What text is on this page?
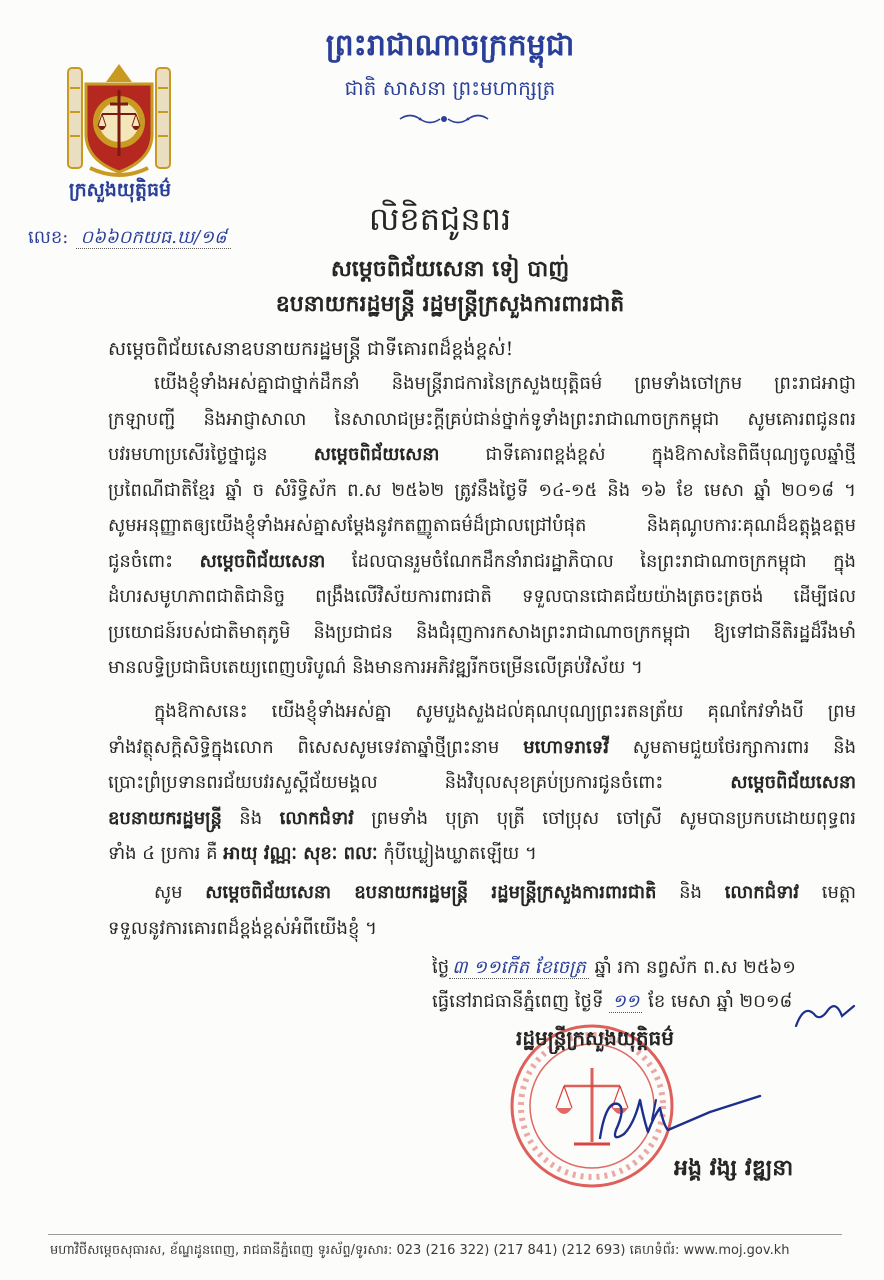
ព្រះរាជាណាចក្រកម្ពុជា
ជាតិ សាសនា ព្រះមហាក្សត្រ
ក្រសួងយុត្តិធម៌
លេខ: ០៦៦០កយធ.ឃ/១៨	លិខិតជូនពរ
សម្តេចពិជ័យសេនា ទៀ បាញ់
ឧបនាយករដ្ឋមន្ត្រី រដ្ឋមន្ត្រីក្រសួងការពារជាតិ
សម្តេចពិជ័យសេនាឧបនាយករដ្ឋមន្ត្រី ជាទីគោរពដ៏ខ្ពង់ខ្ពស់!
យើងខ្ញុំទាំងអស់គ្នាជាថ្នាក់ដឹកនាំ និងមន្ត្រីរាជការនៃក្រសួងយុត្តិធម៌ ព្រមទាំងចៅក្រម ព្រះរាជអាជ្ញា
ក្រឡាបញ្ជី និងអាជ្ញាសាលា នៃសាលាជម្រះក្តីគ្រប់ជាន់ថ្នាក់ទូទាំងព្រះរាជាណាចក្រកម្ពុជា សូមគោរពជូនពរ
បវរមហាប្រសើរថ្ងៃថ្នាជូន សម្តេចពិជ័យសេនា ជាទីគោរពខ្ពង់ខ្ពស់ ក្នុងឱកាសនៃពិធីបុណ្យចូលឆ្នាំថ្មី
ប្រពៃណីជាតិខ្មែរ ឆ្នាំ ច សំរិទ្ធិស័ក ព.ស ២៥៦២ ត្រូវនឹងថ្ងៃទី ១៤-១៥ និង ១៦ ខែ មេសា ឆ្នាំ ២០១៨ ។
សូមអនុញ្ញាតឲ្យយើងខ្ញុំទាំងអស់គ្នាសម្តែងនូវកតញ្ញូតាធម៌ដ៏ជ្រាលជ្រៅបំផុត និងគុណូបការៈគុណដ៏ឧត្តុង្គឧត្តម
ជូនចំពោះ សម្តេចពិជ័យសេនា ដែលបានរួមចំណែកដឹកនាំរាជរដ្ឋាភិបាល នៃព្រះរាជាណាចក្រកម្ពុជា ក្នុង
ដំហរសមូហភាពជាតិជានិច្ច ពង្រឹងលើវិស័យការពារជាតិ ទទួលបានជោគជ័យយ៉ាងត្រចះត្រចង់ ដើម្បីផល
ប្រយោជន៍របស់ជាតិមាតុភូមិ និងប្រជាជន និងជំរុញការកសាងព្រះរាជាណាចក្រកម្ពុជា ឱ្យទៅជានីតិរដ្ឋដ៏រឹងមាំ
មានលទ្ធិប្រជាធិបតេយ្យពេញបរិបូណ៌ និងមានការអភិវឌ្ឍរីកចម្រើនលើគ្រប់វិស័យ ។
ក្នុងឱកាសនេះ យើងខ្ញុំទាំងអស់គ្នា សូមបួងសួងដល់គុណបុណ្យព្រះរតនត្រ័យ គុណកែវទាំងបី ព្រម
ទាំងវត្ថុសក្តិសិទ្ធិក្នុងលោក ពិសេសសូមទេវតាឆ្នាំថ្មីព្រះនាម មហោទរាទេវី សូមតាមជួយថែរក្សាការពារ និង
ប្រោះព្រំប្រទានពរជ័យបវរសួស្តីជ័យមង្គល និងវិបុលសុខគ្រប់ប្រការជូនចំពោះ សម្តេចពិជ័យសេនា
ឧបនាយករដ្ឋមន្ត្រី និង លោកជំទាវ ព្រមទាំង បុត្រា បុត្រី ចៅប្រុស ចៅស្រី សូមបានប្រកបដោយពុទ្ធពរ
ទាំង ៤ ប្រការ គឺ អាយុ វណ្ណៈ សុខៈ ពលៈ កុំបីឃ្លៀងឃ្លាតឡើយ ។
សូម សម្តេចពិជ័យសេនា ឧបនាយករដ្ឋមន្ត្រី រដ្ឋមន្ត្រីក្រសួងការពារជាតិ និង លោកជំទាវ មេត្តា
ទទួលនូវការគោរពដ៏ខ្ពង់ខ្ពស់អំពីយើងខ្ញុំ ។
ថ្ងៃ ៣ ១១កើត ខែចេត្រ ឆ្នាំ រកា នព្វស័ក ព.ស ២៥៦១
ធ្វើនៅរាជធានីភ្នំពេញ ថ្ងៃទី ១១ ខែ មេសា ឆ្នាំ ២០១៨
រដ្ឋមន្ត្រីក្រសួងយុត្តិធម៌
អង្គ វង្ស វឌ្ឍនា
មហាវិថីសម្តេចសុធារស, ខ័ណ្ឌដូនពេញ, រាជធានីភ្នំពេញ ទូរស័ព្ទ/ទូរសារ: 023 (216 322) (217 841) (212 693) គេហទំព័រ: www.moj.gov.kh
